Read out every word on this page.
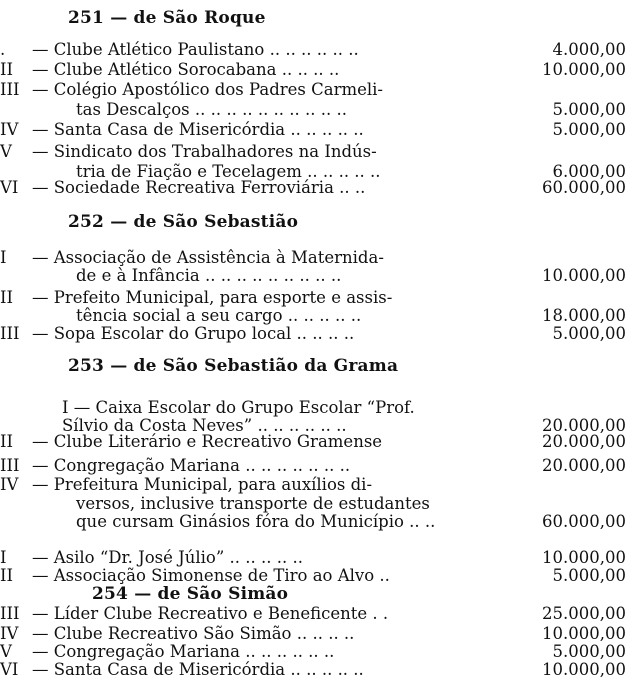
251 — de São Roque
.	— Clube Atlético Paulistano .. .. .. .. .. ..	4.000,00
II	— Clube Atlético Sorocabana .. .. .. ..	10.000,00
III — Colégio Apostólico dos Padres Carmeli-
tas Descalços .. .. .. .. .. .. .. .. .. ..	5.000,00
IV — Santa Casa de Misericórdia .. .. .. .. ..	5.000,00
V	— Sindicato dos Trabalhadores na Indús-
tria de Fiação e Tecelagem .. .. .. .. ..	6.000,00
VI — Sociedade Recreativa Ferroviária .. ..	60.000,00
252 — de São Sebastião
I	— Associação de Assistência à Maternida-
de e à Infância .. .. .. .. .. .. .. .. ..	10.000,00
II	— Prefeito Municipal, para esporte e assis-
tência social a seu cargo .. .. .. .. ..	18.000,00
III — Sopa Escolar do Grupo local .. .. .. ..	5.000,00
253 — de São Sebastião da Grama
I — Caixa Escolar do Grupo Escolar “Prof.
Sílvio da Costa Neves” .. .. .. .. .. ..	20.000,00
II	— Clube Literário e Recreativo Gramense	20.000,00
III — Congregação Mariana .. .. .. .. .. .. ..	20.000,00
IV — Prefeitura Municipal, para auxílios di-
versos, inclusive transporte de estudantes
que cursam Ginásios fóra do Município .. ..	60.000,00
I	— Asilo “Dr. José Júlio” .. .. .. .. ..	10.000,00
II	— Associação Simonense de Tiro ao Alvo ..	5.000,00
254 — de São Simão
III — Líder Clube Recreativo e Beneficente . .	25.000,00
IV — Clube Recreativo São Simão .. .. .. ..	10.000,00
V	— Congregação Mariana .. .. .. .. .. ..	5.000,00
VI — Santa Casa de Misericórdia .. .. .. .. ..	10.000,00
